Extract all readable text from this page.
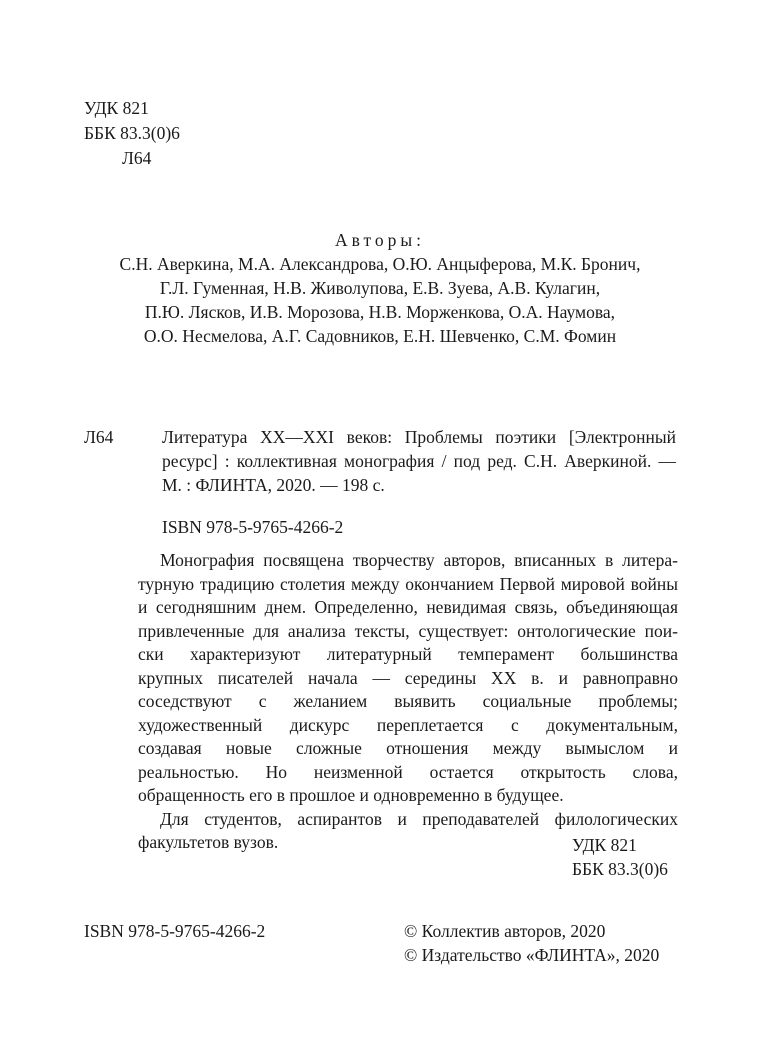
УДК 821
ББК 83.3(0)6
Л64
Авторы:
С.Н. Аверкина, М.А. Александрова, О.Ю. Анцыферова, М.К. Бронич,
Г.Л. Гуменная, Н.В. Живолупова, Е.В. Зуева, А.В. Кулагин,
П.Ю. Лясков, И.В. Морозова, Н.В. Морженкова, О.А. Наумова,
О.О. Несмелова, А.Г. Садовников, Е.Н. Шевченко, С.М. Фомин
Л64	Литература XX—XXI веков: Проблемы поэтики [Электронный
ресурс] : коллективная монография / под ред. С.Н. Аверкиной. —
М. : ФЛИНТА, 2020. — 198 с.
ISBN 978-5-9765-4266-2
Монография посвящена творчеству авторов, вписанных в литера-
турную традицию столетия между окончанием Первой мировой войны
и сегодняшним днем. Определенно, невидимая связь, объединяющая
привлеченные для анализа тексты, существует: онтологические пои-
ски характеризуют литературный темперамент большинства
крупных писателей начала — середины XX в. и равноправно
соседствуют с желанием выявить социальные проблемы;
художественный дискурс переплетается с документальным,
создавая новые сложные отношения между вымыслом и
реальностью. Но неизменной остается открытость слова,
обращенность его в прошлое и одновременно в будущее.
Для студентов, аспирантов и преподавателей филологических
факультетов вузов.	УДК 821
ББК 83.3(0)6
ISBN 978-5-9765-4266-2	© Коллектив авторов, 2020
© Издательство «ФЛИНТА», 2020
